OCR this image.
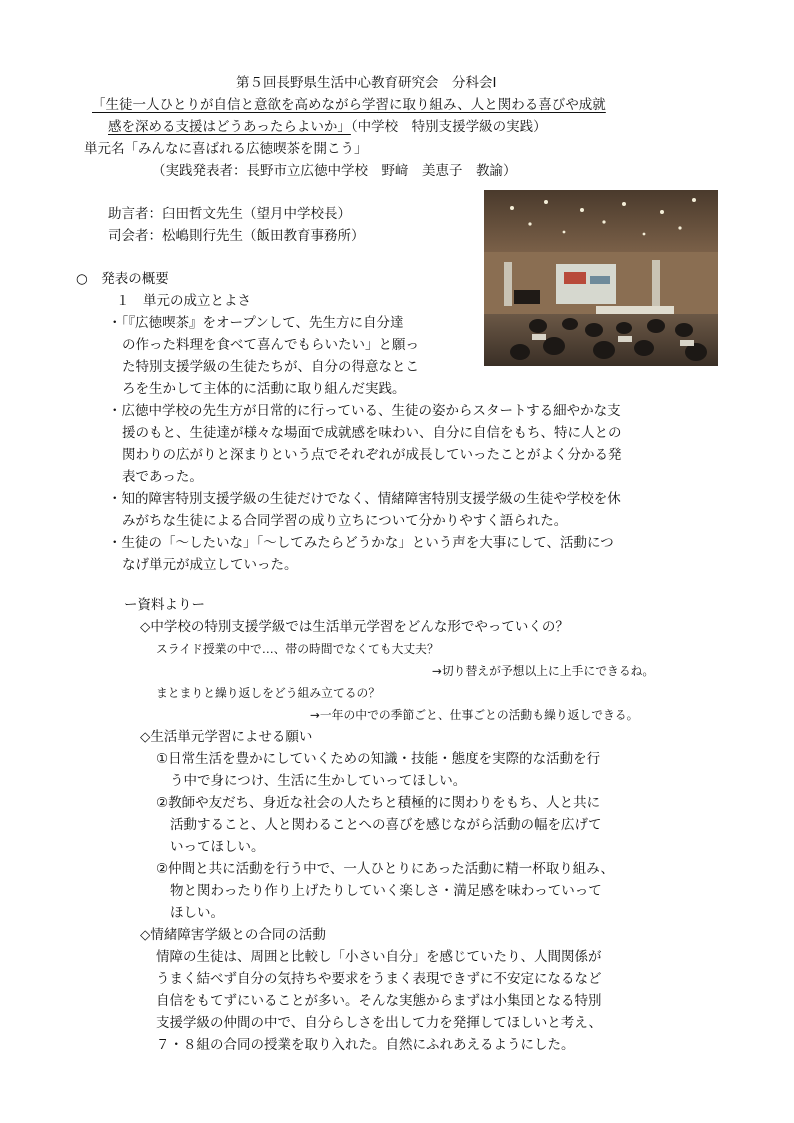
第５回長野県生活中心教育研究会　分科会Ⅰ
「生徒一人ひとりが自信と意欲を高めながら学習に取り組み、人と関わる喜びや成就
感を深める支援はどうあったらよいか」（中学校　特別支援学級の実践）
単元名「みんなに喜ばれる広徳喫茶を開こう」
（実践発表者：長野市立広徳中学校　野﨑　美恵子　教諭）
助言者：臼田哲文先生（望月中学校長）
司会者：松嶋則行先生（飯田教育事務所）
○　発表の概要
１　単元の成立とよさ
・「『広徳喫茶』をオープンして、先生方に自分達
の作った料理を食べて喜んでもらいたい」と願っ
た特別支援学級の生徒たちが、自分の得意なとこ
ろを生かして主体的に活動に取り組んだ実践。
・広徳中学校の先生方が日常的に行っている、生徒の姿からスタートする細やかな支
援のもと、生徒達が様々な場面で成就感を味わい、自分に自信をもち、特に人との
関わりの広がりと深まりという点でそれぞれが成長していったことがよく分かる発
表であった。
・知的障害特別支援学級の生徒だけでなく、情緒障害特別支援学級の生徒や学校を休
みがちな生徒による合同学習の成り立ちについて分かりやすく語られた。
・生徒の「～したいな」「～してみたらどうかな」という声を大事にして、活動につ
なげ単元が成立していった。
ー資料よりー
◇中学校の特別支援学級では生活単元学習をどんな形でやっていくの？
スライド授業の中で…、帯の時間でなくても大丈夫？
→切り替えが予想以上に上手にできるね。
まとまりと繰り返しをどう組み立てるの？
→一年の中での季節ごと、仕事ごとの活動も繰り返しできる。
◇生活単元学習によせる願い
①日常生活を豊かにしていくための知識・技能・態度を実際的な活動を行
う中で身につけ、生活に生かしていってほしい。
②教師や友だち、身近な社会の人たちと積極的に関わりをもち、人と共に
活動すること、人と関わることへの喜びを感じながら活動の幅を広げて
いってほしい。
②仲間と共に活動を行う中で、一人ひとりにあった活動に精一杯取り組み、
物と関わったり作り上げたりしていく楽しさ・満足感を味わっていって
ほしい。
◇情緒障害学級との合同の活動
情障の生徒は、周囲と比較し「小さい自分」を感じていたり、人間関係が
うまく結べず自分の気持ちや要求をうまく表現できずに不安定になるなど
自信をもてずにいることが多い。そんな実態からまずは小集団となる特別
支援学級の仲間の中で、自分らしさを出して力を発揮してほしいと考え、
７・８組の合同の授業を取り入れた。自然にふれあえるようにした。
